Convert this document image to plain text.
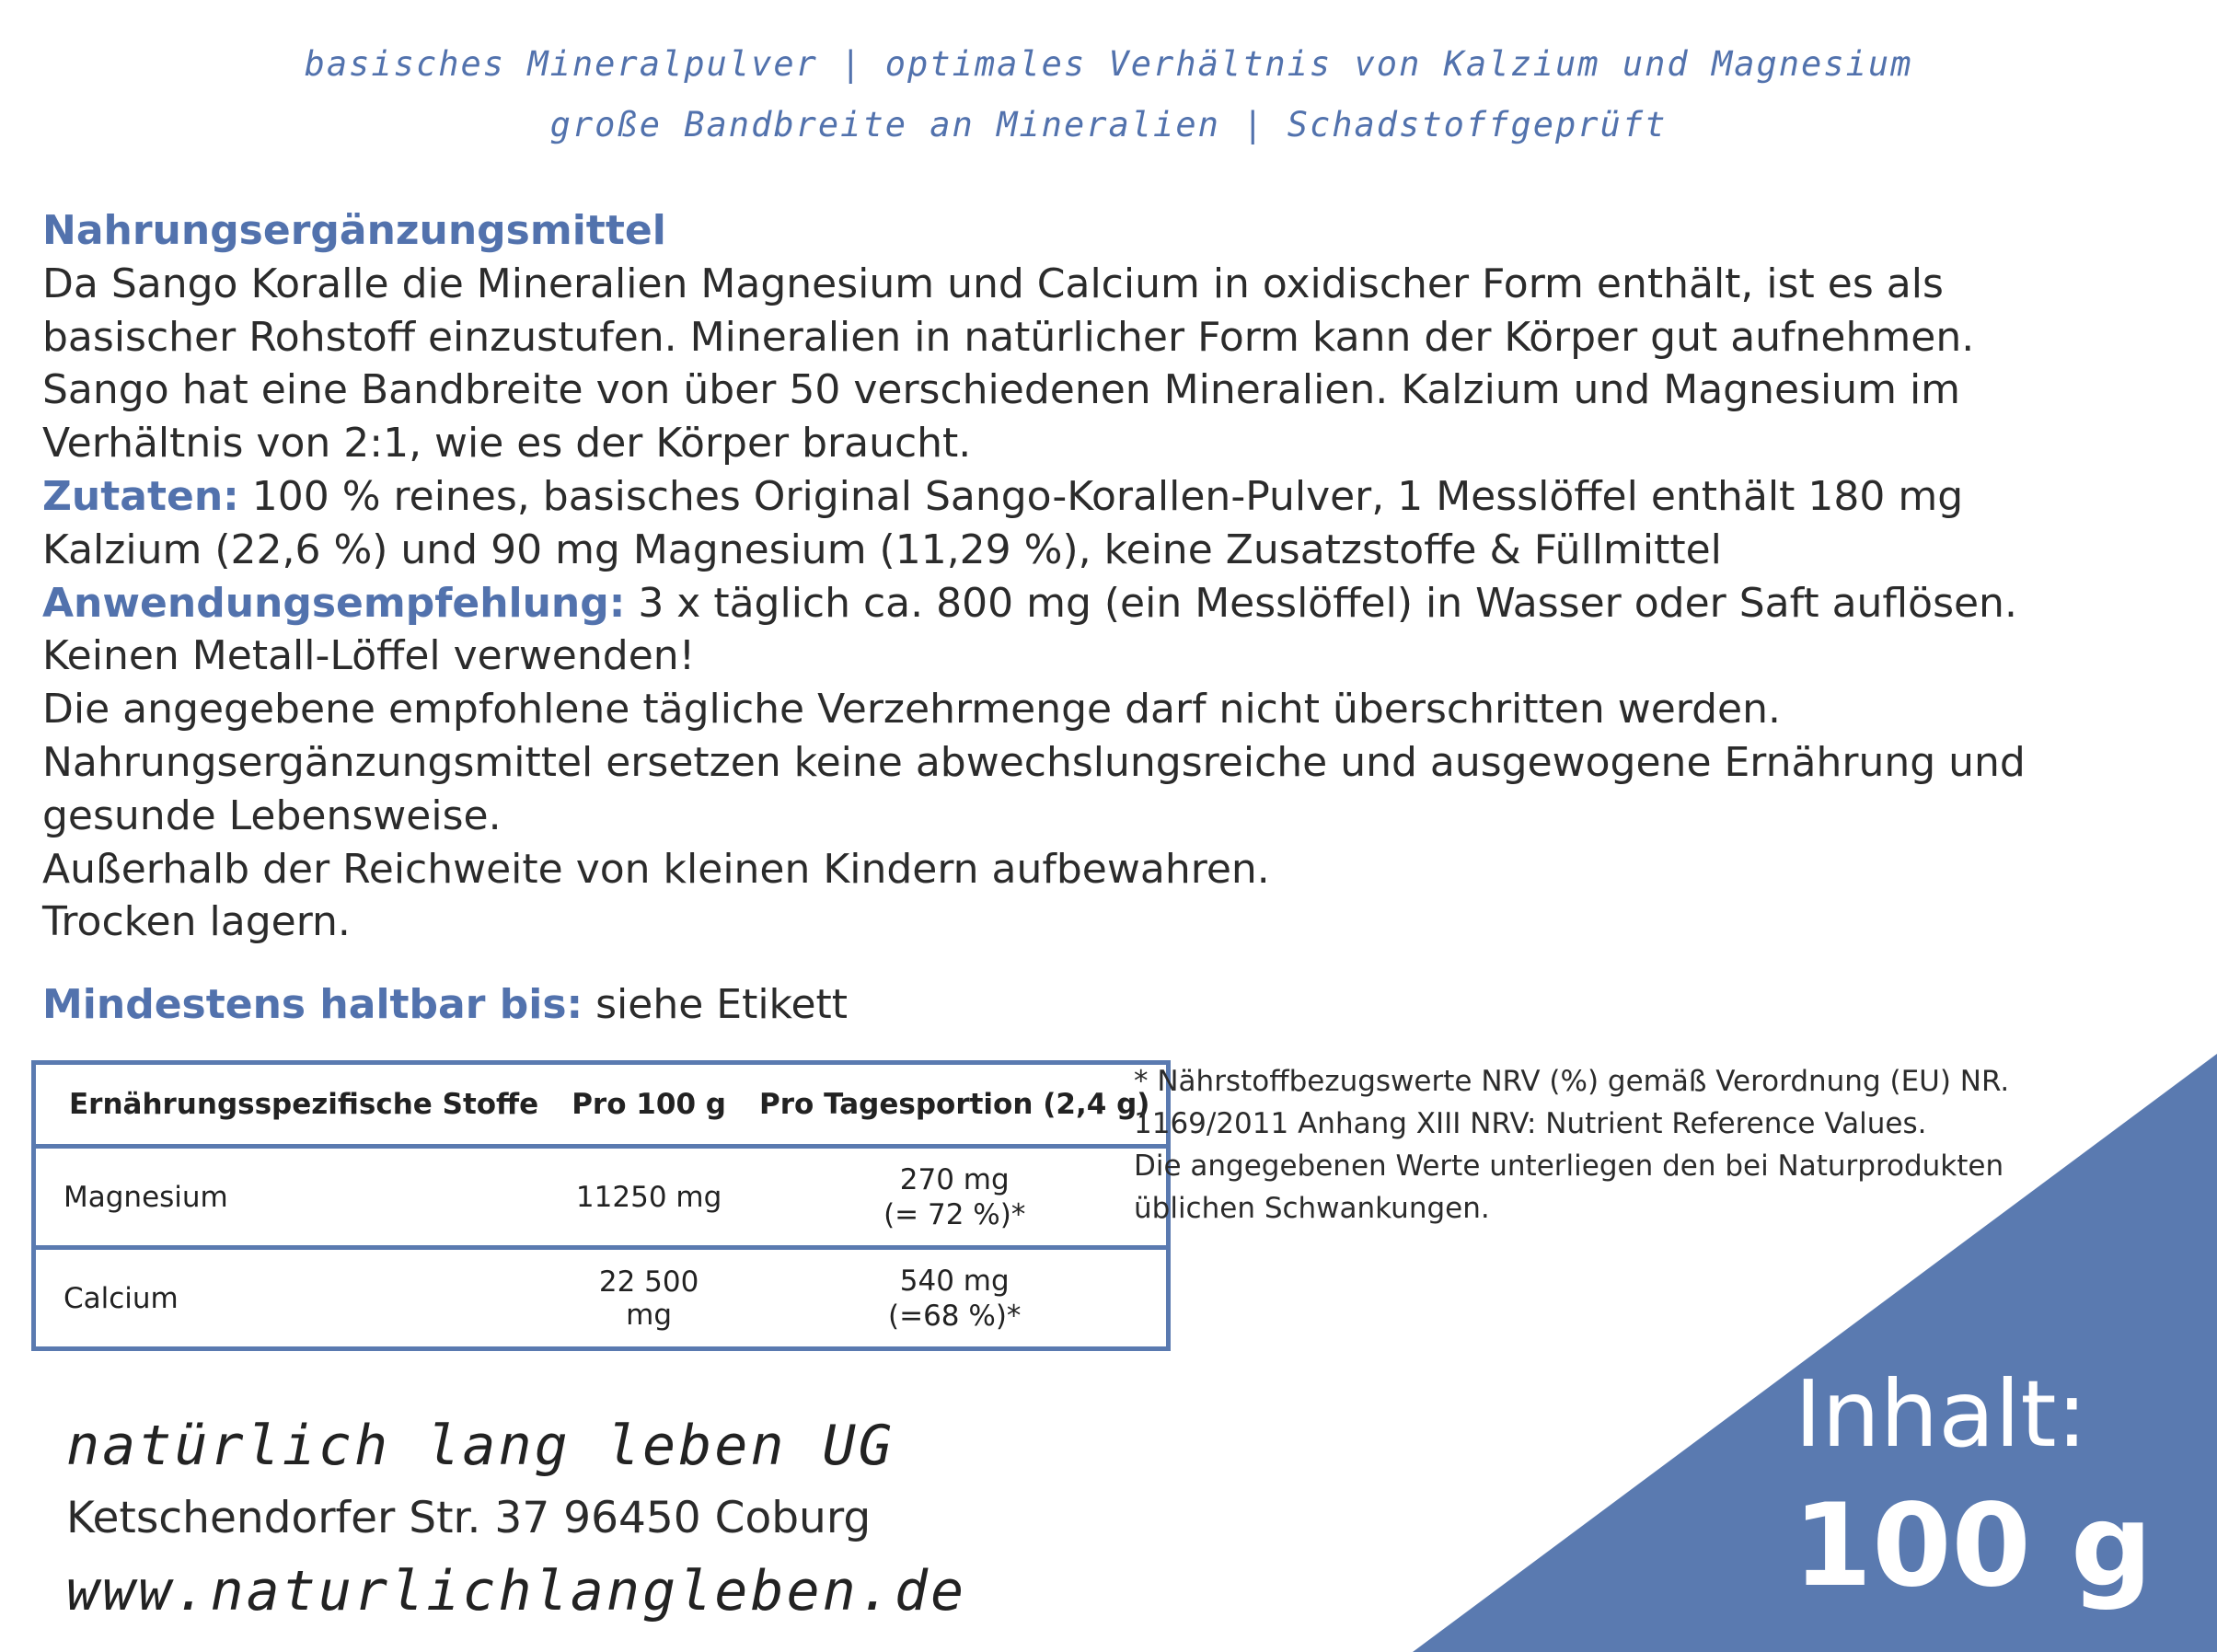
basisches Mineralpulver | optimales Verhältnis von Kalzium und Magnesium
große Bandbreite an Mineralien | Schadstoffgeprüft

Nahrungsergänzungsmittel

Da Sango Koralle die Mineralien Magnesium und Calcium in oxidischer Form enthält, ist es als basischer Rohstoff einzustufen. Mineralien in natürlicher Form kann der Körper gut aufnehmen. Sango hat eine Bandbreite von über 50 verschiedenen Mineralien. Kalzium und Magnesium im Verhältnis von 2:1, wie es der Körper braucht.

Zutaten: 100 % reines, basisches Original Sango-Korallen-Pulver, 1 Messlöffel enthält 180 mg Kalzium (22,6 %) und 90 mg Magnesium (11,29 %), keine Zusatzstoffe & Füllmittel

Anwendungsempfehlung: 3 x täglich ca. 800 mg (ein Messlöffel) in Wasser oder Saft auflösen.

Keinen Metall-Löffel verwenden!

Die angegebene empfohlene tägliche Verzehrmenge darf nicht überschritten werden.

Nahrungsergänzungsmittel ersetzen keine abwechslungsreiche und ausgewogene Ernährung und gesunde Lebensweise.

Außerhalb der Reichweite von kleinen Kindern aufbewahren.

Trocken lagern.

Mindestens haltbar bis: siehe Etikett
Ernährungsspezifische Stoffe	Pro 100 g	Pro Tagesportion (2,4 g)
Magnesium	11250 mg	270 mg
(= 72 %)*

Calcium	22 500 mg	540 mg
(=68 %)*

* Nährstoffbezugswerte NRV (%) gemäß Verordnung (EU) NR. 1169/2011 Anhang XIII NRV: Nutrient Reference Values.

Die angegebenen Werte unterliegen den bei Naturprodukten üblichen Schwankungen.

Inhalt:
100 g
natürlich lang leben UG
Ketschendorfer Str. 37 96450 Coburg
www.naturlichlangleben.de
